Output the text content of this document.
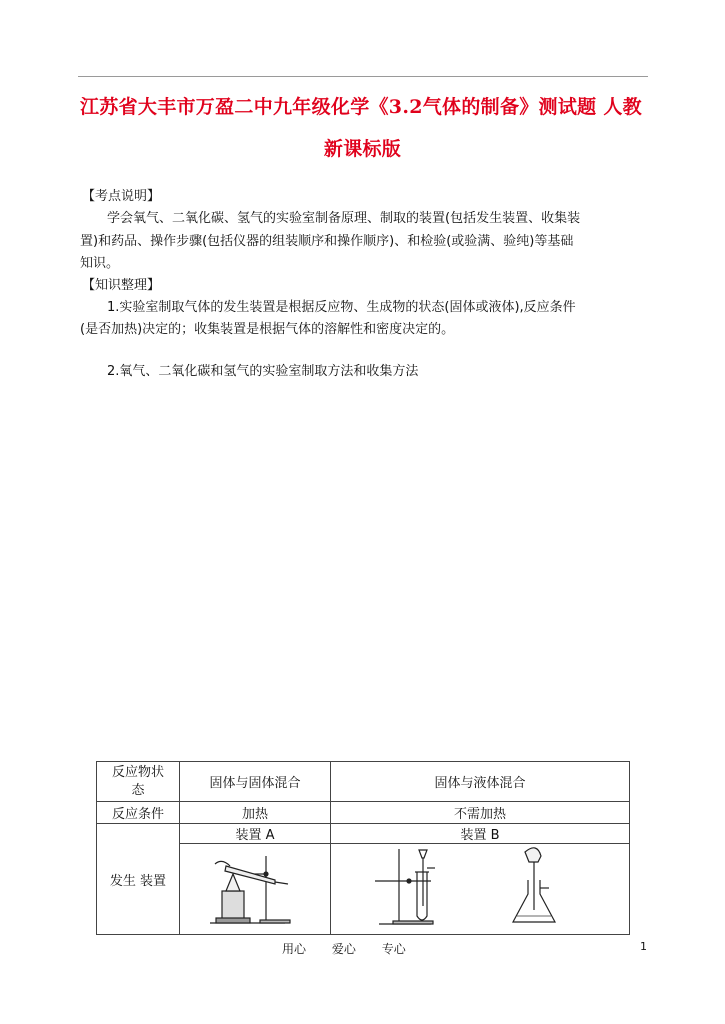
江苏省大丰市万盈二中九年级化学《3.2气体的制备》测试题 人教
新课标版
【考点说明】
学会氧气、二氧化碳、氢气的实验室制备原理、制取的装置(包括发生装置、收集装
置)和药品、操作步骤(包括仪器的组装顺序和操作顺序)、和检验(或验满、验纯)等基础
知识。
【知识整理】
1.实验室制取气体的发生装置是根据反应物、生成物的状态(固体或液体),反应条件
(是否加热)决定的；收集装置是根据气体的溶解性和密度决定的。
2.氧气、二氧化碳和氢气的实验室制取方法和收集方法
反应物状
态	固体与固体混合	固体与液体混合
反应条件	加热	不需加热
发生 装置	装置 A	装置 B

用心 爱心 专心	1
